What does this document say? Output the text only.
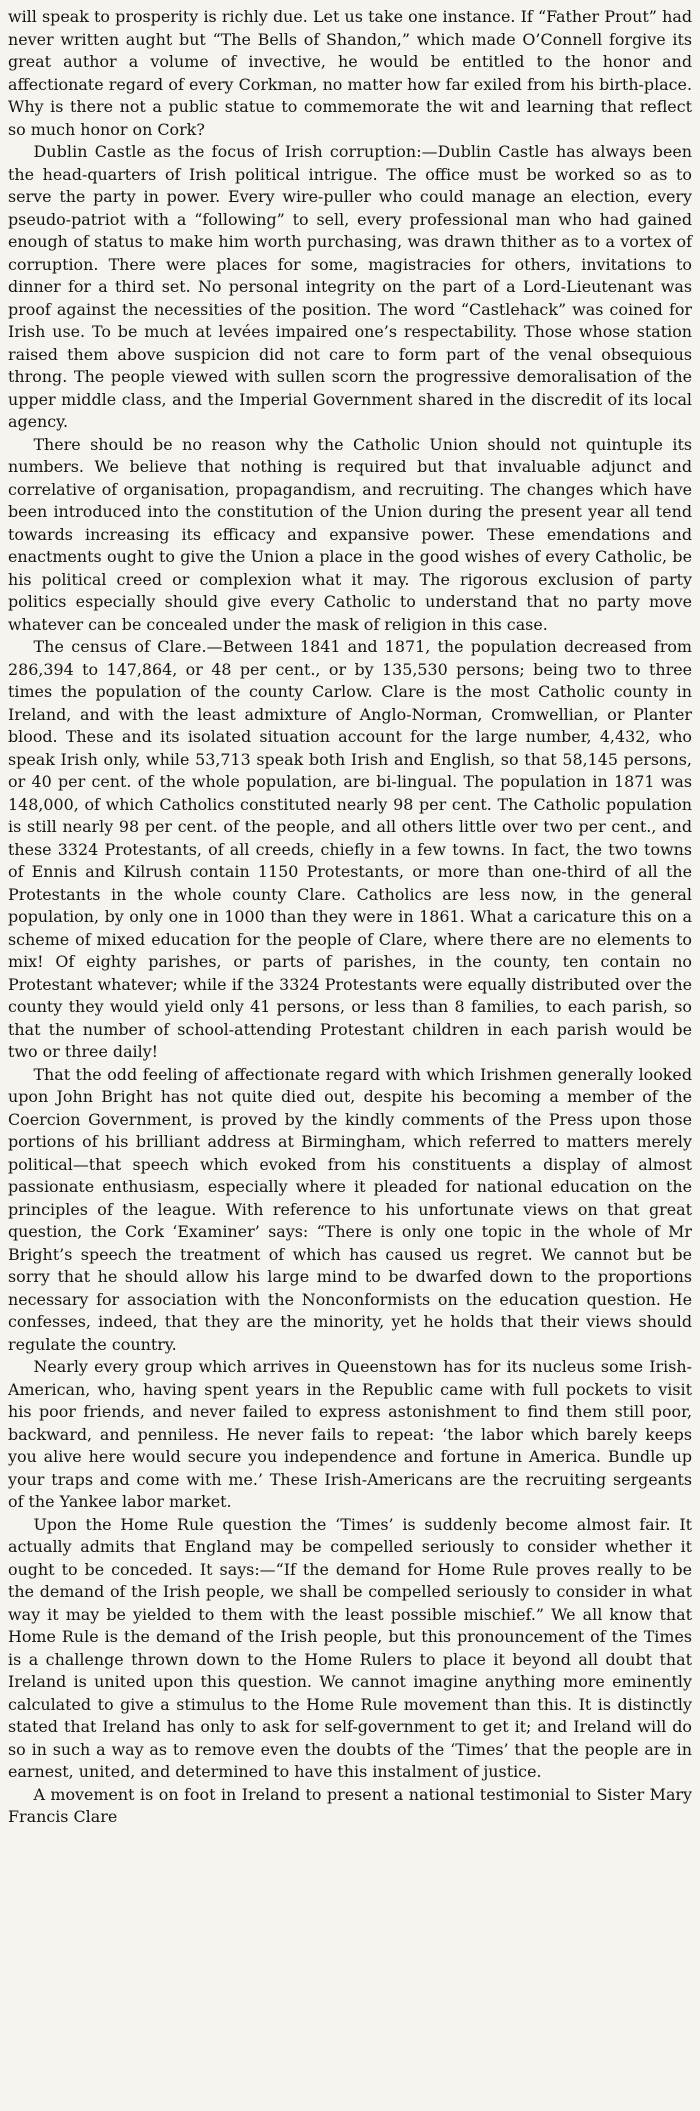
will speak to prosperity is richly due. Let us take one instance. If “Father Prout” had never written aught but “The Bells of Shandon,” which made O’Connell forgive its great author a volume of invective, he would be entitled to the honor and affectionate regard of every Corkman, no matter how far exiled from his birth-place. Why is there not a public statue to commemorate the wit and learning that reflect so much honor on Cork?

Dublin Castle as the focus of Irish corruption:—Dublin Castle has always been the head-quarters of Irish political intrigue. The office must be worked so as to serve the party in power. Every wire-puller who could manage an election, every pseudo-patriot with a “following” to sell, every professional man who had gained enough of status to make him worth purchasing, was drawn thither as to a vortex of corruption. There were places for some, magistracies for others, invitations to dinner for a third set. No personal integrity on the part of a Lord-Lieutenant was proof against the necessities of the position. The word “Castlehack” was coined for Irish use. To be much at levées impaired one’s respectability. Those whose station raised them above suspicion did not care to form part of the venal obsequious throng. The people viewed with sullen scorn the progressive demoralisation of the upper middle class, and the Imperial Government shared in the discredit of its local agency.

There should be no reason why the Catholic Union should not quintuple its numbers. We believe that nothing is required but that invaluable adjunct and correlative of organisation, propagandism, and recruiting. The changes which have been introduced into the constitution of the Union during the present year all tend towards increasing its efficacy and expansive power. These emendations and enactments ought to give the Union a place in the good wishes of every Catholic, be his political creed or complexion what it may. The rigorous exclusion of party politics especially should give every Catholic to understand that no party move whatever can be concealed under the mask of religion in this case.

The census of Clare.—Between 1841 and 1871, the population decreased from 286,394 to 147,864, or 48 per cent., or by 135,530 persons; being two to three times the population of the county Carlow. Clare is the most Catholic county in Ireland, and with the least admixture of Anglo-Norman, Cromwellian, or Planter blood. These and its isolated situation account for the large number, 4,432, who speak Irish only, while 53,713 speak both Irish and English, so that 58,145 persons, or 40 per cent. of the whole population, are bi-lingual. The population in 1871 was 148,000, of which Catholics constituted nearly 98 per cent. The Catholic population is still nearly 98 per cent. of the people, and all others little over two per cent., and these 3324 Protestants, of all creeds, chiefly in a few towns. In fact, the two towns of Ennis and Kilrush contain 1150 Protestants, or more than one-third of all the Protestants in the whole county Clare. Catholics are less now, in the general population, by only one in 1000 than they were in 1861. What a caricature this on a scheme of mixed education for the people of Clare, where there are no elements to mix! Of eighty parishes, or parts of parishes, in the county, ten contain no Protestant whatever; while if the 3324 Protestants were equally distributed over the county they would yield only 41 persons, or less than 8 families, to each parish, so that the number of school-attending Protestant children in each parish would be two or three daily!

That the odd feeling of affectionate regard with which Irishmen generally looked upon John Bright has not quite died out, despite his becoming a member of the Coercion Government, is proved by the kindly comments of the Press upon those portions of his brilliant address at Birmingham, which referred to matters merely political—that speech which evoked from his constituents a display of almost passionate enthusiasm, especially where it pleaded for national education on the principles of the league. With reference to his unfortunate views on that great question, the Cork ‘Examiner’ says: “There is only one topic in the whole of Mr Bright’s speech the treatment of which has caused us regret. We cannot but be sorry that he should allow his large mind to be dwarfed down to the proportions necessary for association with the Nonconformists on the education question. He confesses, indeed, that they are the minority, yet he holds that their views should regulate the country.

Nearly every group which arrives in Queenstown has for its nucleus some Irish-American, who, having spent years in the Republic came with full pockets to visit his poor friends, and never failed to express astonishment to find them still poor, backward, and penniless. He never fails to repeat: ‘the labor which barely keeps you alive here would secure you independence and fortune in America. Bundle up your traps and come with me.’ These Irish-Americans are the recruiting sergeants of the Yankee labor market.

Upon the Home Rule question the ‘Times’ is suddenly become almost fair. It actually admits that England may be compelled seriously to consider whether it ought to be conceded. It says:—“If the demand for Home Rule proves really to be the demand of the Irish people, we shall be compelled seriously to consider in what way it may be yielded to them with the least possible mischief.” We all know that Home Rule is the demand of the Irish people, but this pronouncement of the Times is a challenge thrown down to the Home Rulers to place it beyond all doubt that Ireland is united upon this question. We cannot imagine anything more eminently calculated to give a stimulus to the Home Rule movement than this. It is distinctly stated that Ireland has only to ask for self-government to get it; and Ireland will do so in such a way as to remove even the doubts of the ‘Times’ that the people are in earnest, united, and determined to have this instalment of justice.

A movement is on foot in Ireland to present a national testimonial to Sister Mary Francis Clare
